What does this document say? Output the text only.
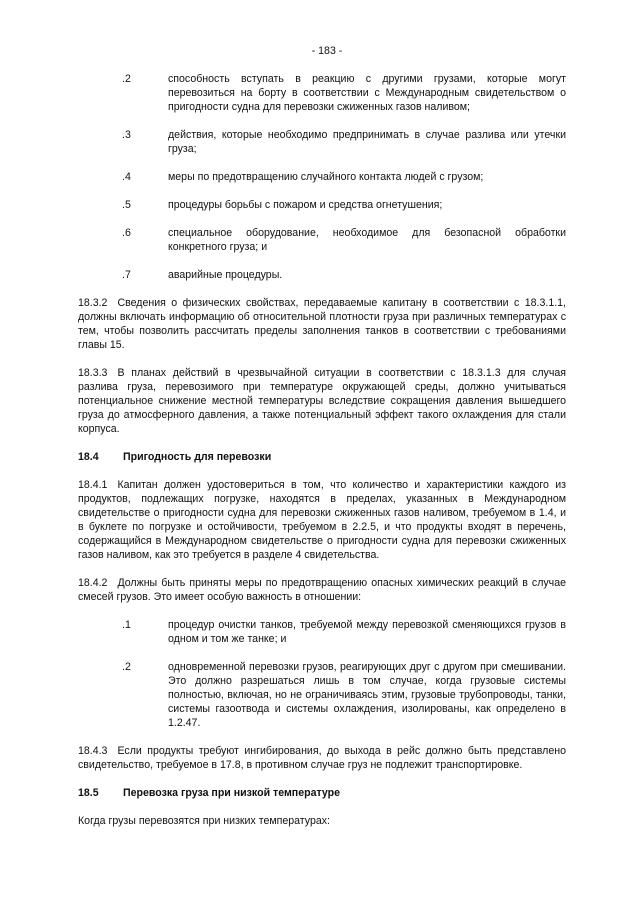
- 183 -
.2	способность вступать в реакцию с другими грузами, которые могут перевозиться на борту в соответствии с Международным свидетельством о пригодности судна для перевозки сжиженных газов наливом;
.3	действия, которые необходимо предпринимать в случае разлива или утечки груза;
.4	меры по предотвращению случайного контакта людей с грузом;
.5	процедуры борьбы с пожаром и средства огнетушения;
.6	специальное оборудование, необходимое для безопасной обработки конкретного груза; и
.7	аварийные процедуры.
18.3.2 Сведения о физических свойствах, передаваемые капитану в соответствии с 18.3.1.1, должны включать информацию об относительной плотности груза при различных температурах с тем, чтобы позволить рассчитать пределы заполнения танков в соответствии с требованиями главы 15.
18.3.3 В планах действий в чрезвычайной ситуации в соответствии с 18.3.1.3 для случая разлива груза, перевозимого при температуре окружающей среды, должно учитываться потенциальное снижение местной температуры вследствие сокращения давления вышедшего груза до атмосферного давления, а также потенциальный эффект такого охлаждения для стали корпуса.
18.4	Пригодность для перевозки
18.4.1 Капитан должен удостовериться в том, что количество и характеристики каждого из продуктов, подлежащих погрузке, находятся в пределах, указанных в Международном свидетельстве о пригодности судна для перевозки сжиженных газов наливом, требуемом в 1.4, и в буклете по погрузке и остойчивости, требуемом в 2.2.5, и что продукты входят в перечень, содержащийся в Международном свидетельстве о пригодности судна для перевозки сжиженных газов наливом, как это требуется в разделе 4 свидетельства.
18.4.2 Должны быть приняты меры по предотвращению опасных химических реакций в случае смесей грузов. Это имеет особую важность в отношении:
.1	процедур очистки танков, требуемой между перевозкой сменяющихся грузов в одном и том же танке; и
.2	одновременной перевозки грузов, реагирующих друг с другом при смешивании. Это должно разрешаться лишь в том случае, когда грузовые системы полностью, включая, но не ограничиваясь этим, грузовые трубопроводы, танки, системы газоотвода и системы охлаждения, изолированы, как определено в 1.2.47.
18.4.3 Если продукты требуют ингибирования, до выхода в рейс должно быть представлено свидетельство, требуемое в 17.8, в противном случае груз не подлежит транспортировке.
18.5	Перевозка груза при низкой температуре
Когда грузы перевозятся при низких температурах:
